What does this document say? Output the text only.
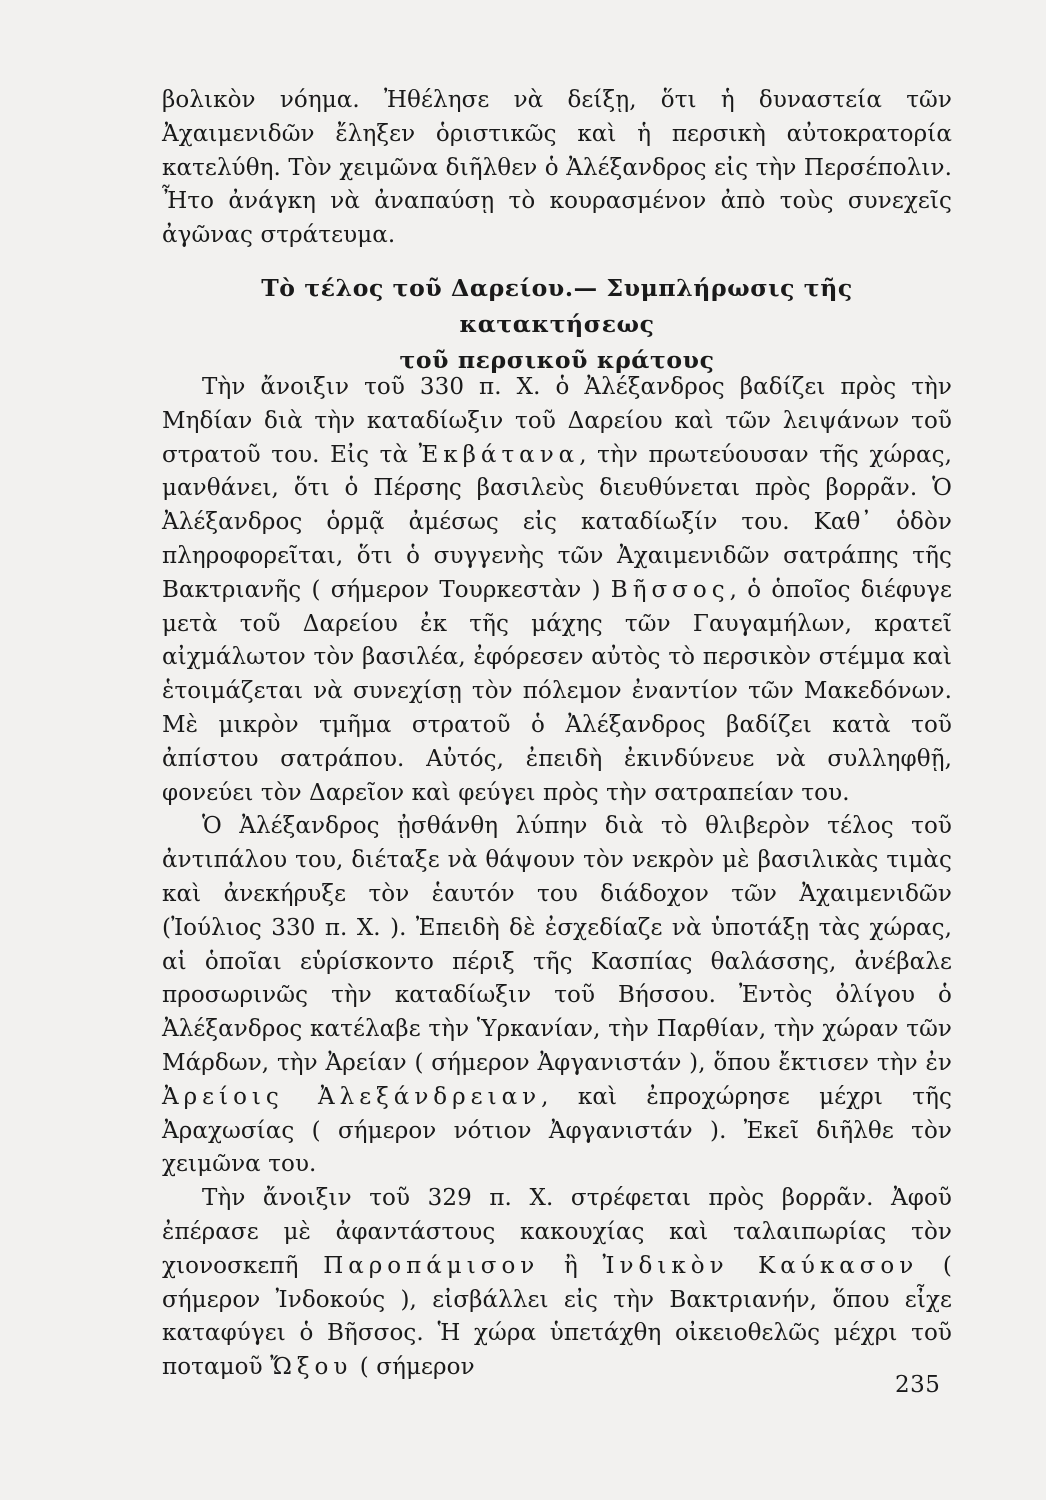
βολικὸν νόημα. Ἠθέλησε νὰ δείξῃ, ὅτι ἡ δυναστεία τῶν Ἀχαιμενιδῶν ἔληξεν ὁριστικῶς καὶ ἡ περσικὴ αὐτοκρατορία κατελύθη. Τὸν χειμῶνα διῆλθεν ὁ Ἀλέξανδρος εἰς τὴν Περσέπολιν. Ἦτο ἀνάγκη νὰ ἀναπαύσῃ τὸ κουρασμένον ἀπὸ τοὺς συνεχεῖς ἀγῶνας στράτευμα.

Τὸ τέλος τοῦ Δαρείου.— Συμπλήρωσις τῆς κατακτήσεως
τοῦ περσικοῦ κράτους

Τὴν ἄνοιξιν τοῦ 330 π. Χ. ὁ Ἀλέξανδρος βαδίζει πρὸς τὴν Μηδίαν διὰ τὴν καταδίωξιν τοῦ Δαρείου καὶ τῶν λειψάνων τοῦ στρατοῦ του. Εἰς τὰ Ἐκβάτανα, τὴν πρωτεύουσαν τῆς χώρας, μανθάνει, ὅτι ὁ Πέρσης βασιλεὺς διευθύνεται πρὸς βορρᾶν. Ὁ Ἀλέξανδρος ὁρμᾷ ἀμέσως εἰς καταδίωξίν του. Καθ᾽ ὁδὸν πληροφορεῖται, ὅτι ὁ συγγενὴς τῶν Ἀχαιμενιδῶν σατράπης τῆς Βακτριανῆς ( σήμερον Τουρκεστὰν ) Βῆσσος, ὁ ὁποῖος διέφυγε μετὰ τοῦ Δαρείου ἐκ τῆς μάχης τῶν Γαυγαμήλων, κρατεῖ αἰχμάλωτον τὸν βασιλέα, ἐφόρεσεν αὐτὸς τὸ περσικὸν στέμμα καὶ ἑτοιμάζεται νὰ συνεχίσῃ τὸν πόλεμον ἐναντίον τῶν Μακεδόνων. Μὲ μικρὸν τμῆμα στρατοῦ ὁ Ἀλέξανδρος βαδίζει κατὰ τοῦ ἀπίστου σατράπου. Αὐτός, ἐπειδὴ ἐκινδύνευε νὰ συλληφθῇ, φονεύει τὸν Δαρεῖον καὶ φεύγει πρὸς τὴν σατραπείαν του.

Ὁ Ἀλέξανδρος ᾐσθάνθη λύπην διὰ τὸ θλιβερὸν τέλος τοῦ ἀντιπάλου του, διέταξε νὰ θάψουν τὸν νεκρὸν μὲ βασιλικὰς τιμὰς καὶ ἀνεκήρυξε τὸν ἑαυτόν του διάδοχον τῶν Ἀχαιμενιδῶν (Ἰούλιος 330 π. Χ. ). Ἐπειδὴ δὲ ἐσχεδίαζε νὰ ὑποτάξῃ τὰς χώρας, αἱ ὁποῖαι εὑρίσκοντο πέριξ τῆς Κασπίας θαλάσσης, ἀνέβαλε προσωρινῶς τὴν καταδίωξιν τοῦ Βήσσου. Ἐντὸς ὀλίγου ὁ Ἀλέξανδρος κατέλαβε τὴν Ὑρκανίαν, τὴν Παρθίαν, τὴν χώραν τῶν Μάρδων, τὴν Ἀρείαν ( σήμερον Ἀφγανιστάν ), ὅπου ἔκτισεν τὴν ἐν Ἀρείοις Ἀλεξάνδρειαν, καὶ ἐπροχώρησε μέχρι τῆς Ἀραχωσίας ( σήμερον νότιον Ἀφγανιστάν ). Ἐκεῖ διῆλθε τὸν χειμῶνα του.

Τὴν ἄνοιξιν τοῦ 329 π. Χ. στρέφεται πρὸς βορρᾶν. Ἀφοῦ ἐπέρασε μὲ ἀφαντάστους κακουχίας καὶ ταλαιπωρίας τὸν χιονοσκεπῆ Παροπάμισον ἢ Ἰνδικὸν Καύκασον ( σήμερον Ἰνδοκούς ), εἰσβάλλει εἰς τὴν Βακτριανήν, ὅπου εἶχε καταφύγει ὁ Βῆσσος. Ἡ χώρα ὑπετάχθη οἰκειοθελῶς μέχρι τοῦ ποταμοῦ Ὤξου ( σήμερον

235
